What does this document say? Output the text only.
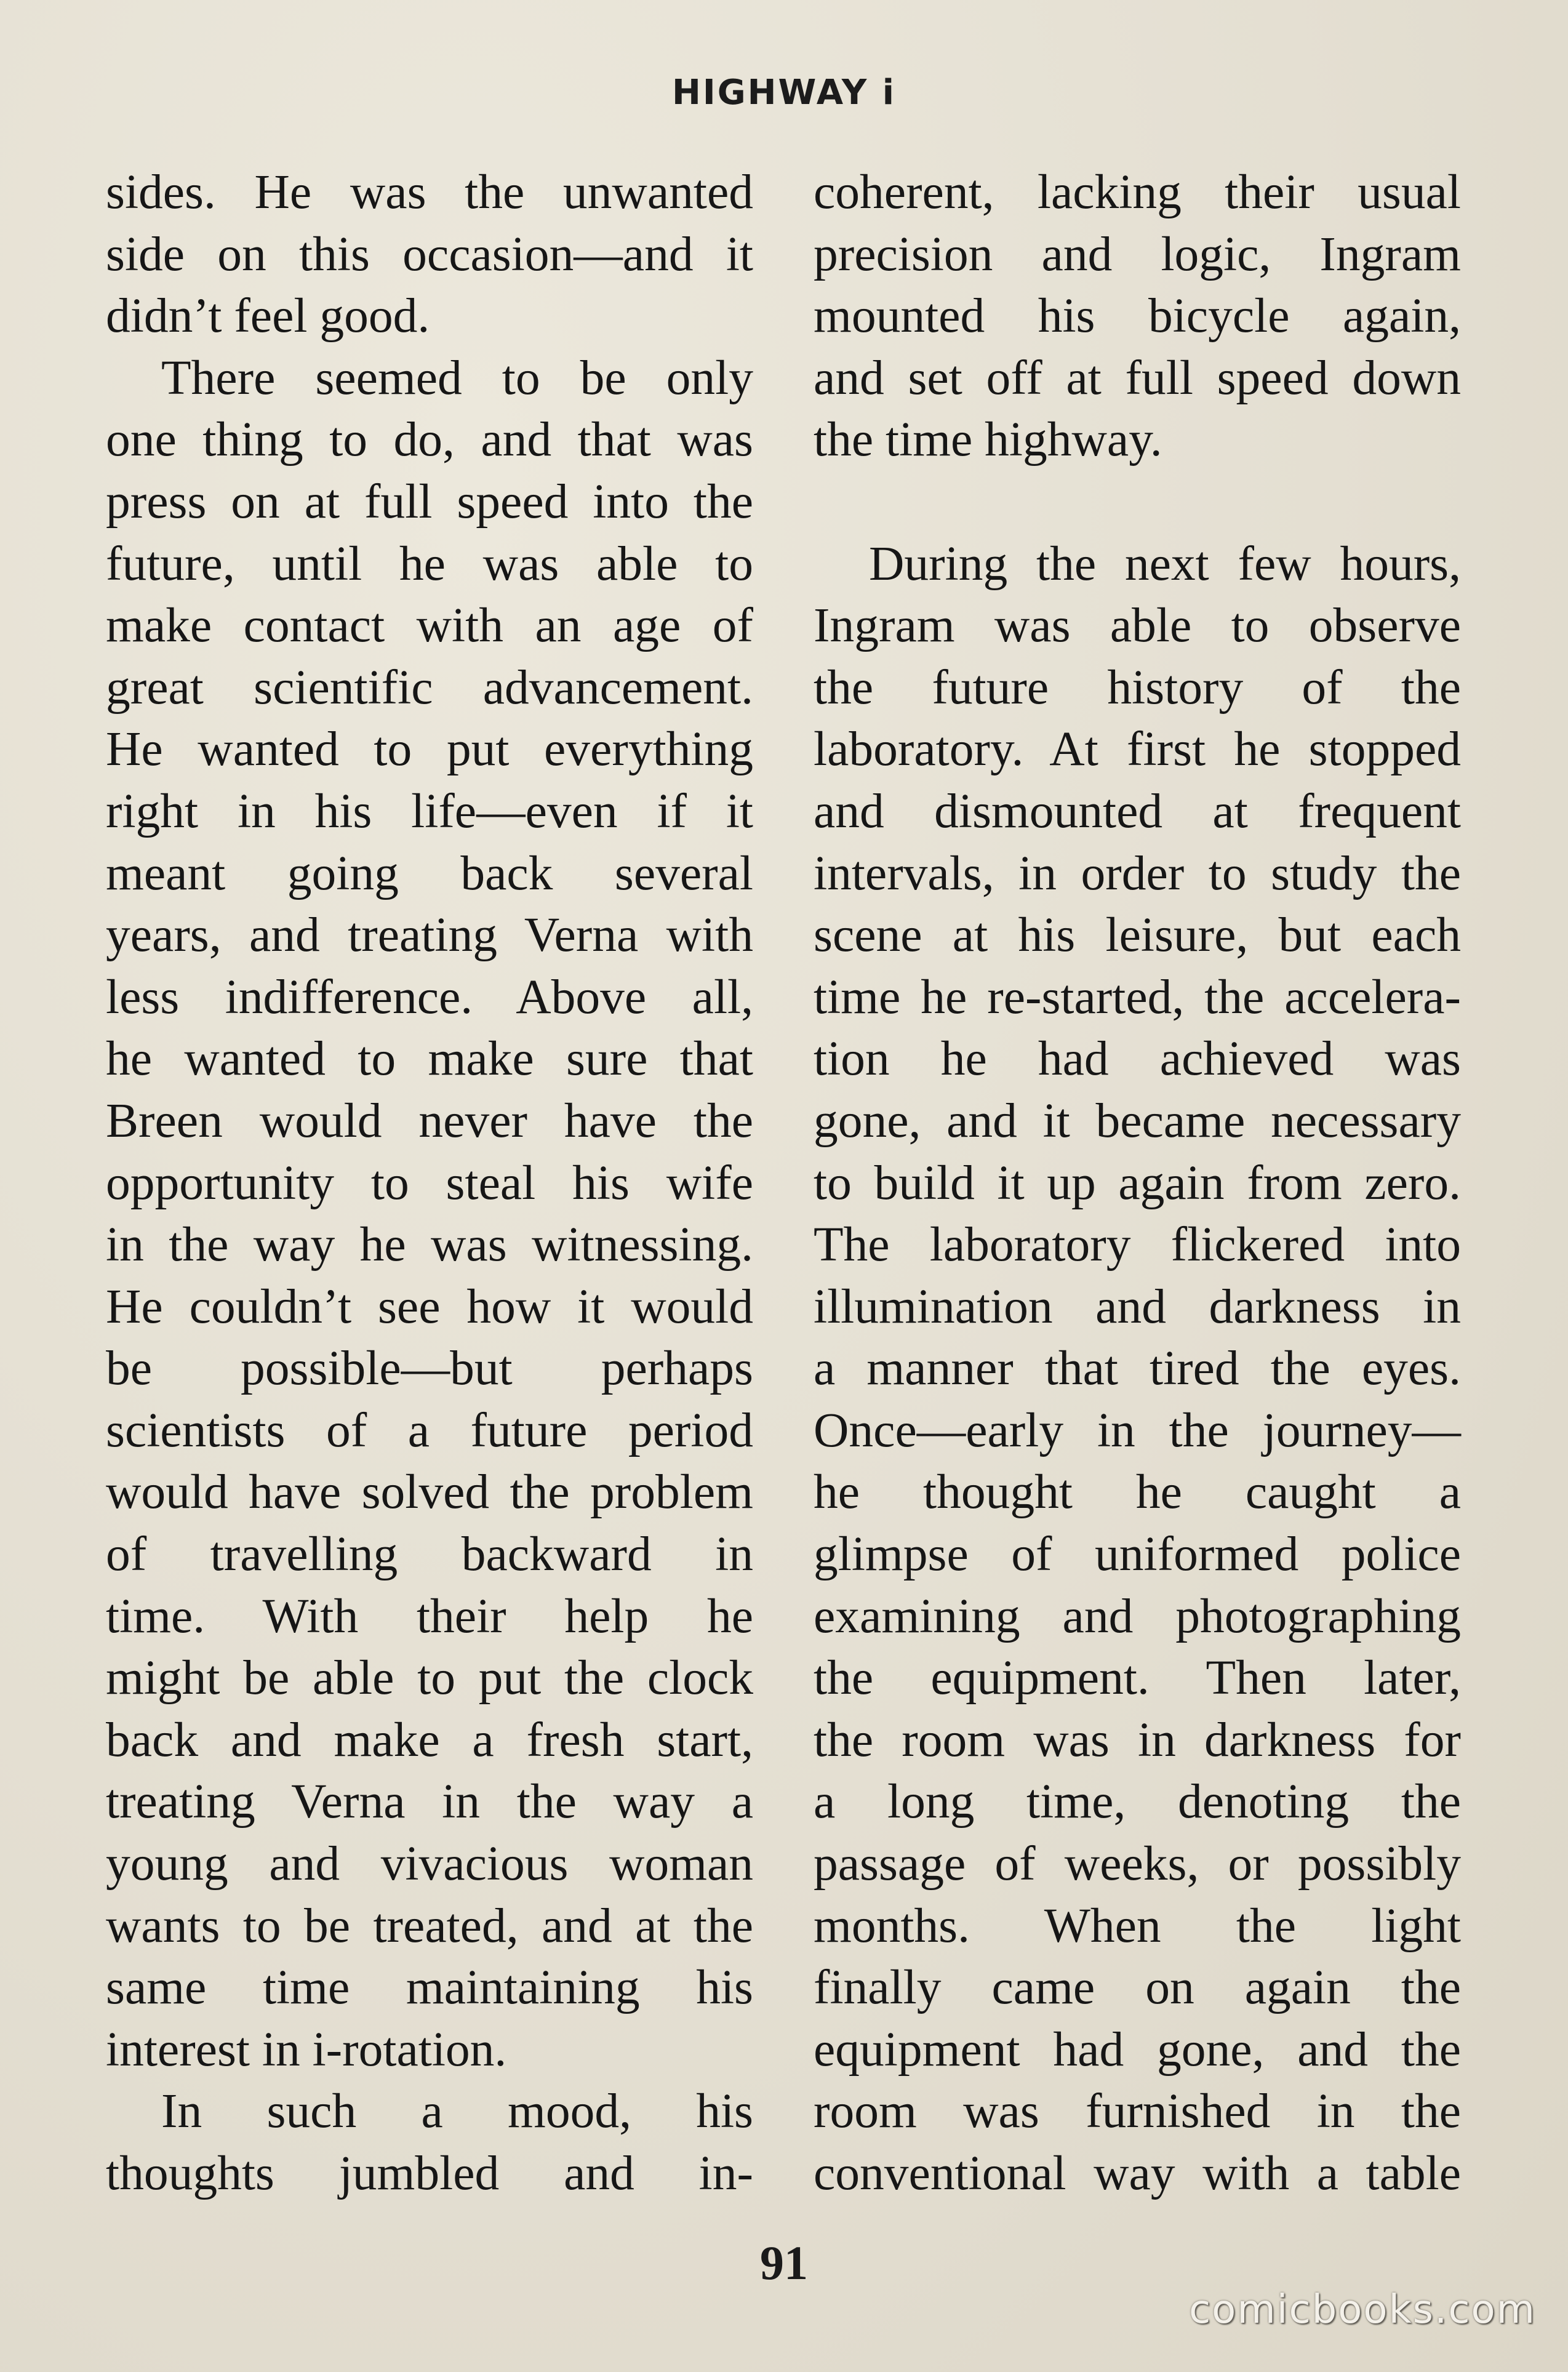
HIGHWAY i
sides. He was the unwanted
side on this occasion—and it
didn’t feel good.
There seemed to be only
one thing to do, and that was
press on at full speed into the
future, until he was able to
make contact with an age of
great scientific advancement.
He wanted to put everything
right in his life—even if it
meant going back several
years, and treating Verna with
less indifference. Above all,
he wanted to make sure that
Breen would never have the
opportunity to steal his wife
in the way he was witnessing.
He couldn’t see how it would
be possible—but perhaps
scientists of a future period
would have solved the problem
of travelling backward in
time. With their help he
might be able to put the clock
back and make a fresh start,
treating Verna in the way a
young and vivacious woman
wants to be treated, and at the
same time maintaining his
interest in i-rotation.
In such a mood, his
thoughts jumbled and in-
coherent, lacking their usual
precision and logic, Ingram
mounted his bicycle again,
and set off at full speed down
the time highway.
During the next few hours,
Ingram was able to observe
the future history of the
laboratory. At first he stopped
and dismounted at frequent
intervals, in order to study the
scene at his leisure, but each
time he re-started, the accelera-
tion he had achieved was
gone, and it became necessary
to build it up again from zero.
The laboratory flickered into
illumination and darkness in
a manner that tired the eyes.
Once—early in the journey—
he thought he caught a
glimpse of uniformed police
examining and photographing
the equipment. Then later,
the room was in darkness for
a long time, denoting the
passage of weeks, or possibly
months. When the light
finally came on again the
equipment had gone, and the
room was furnished in the
conventional way with a table
91
comicbooks.com
